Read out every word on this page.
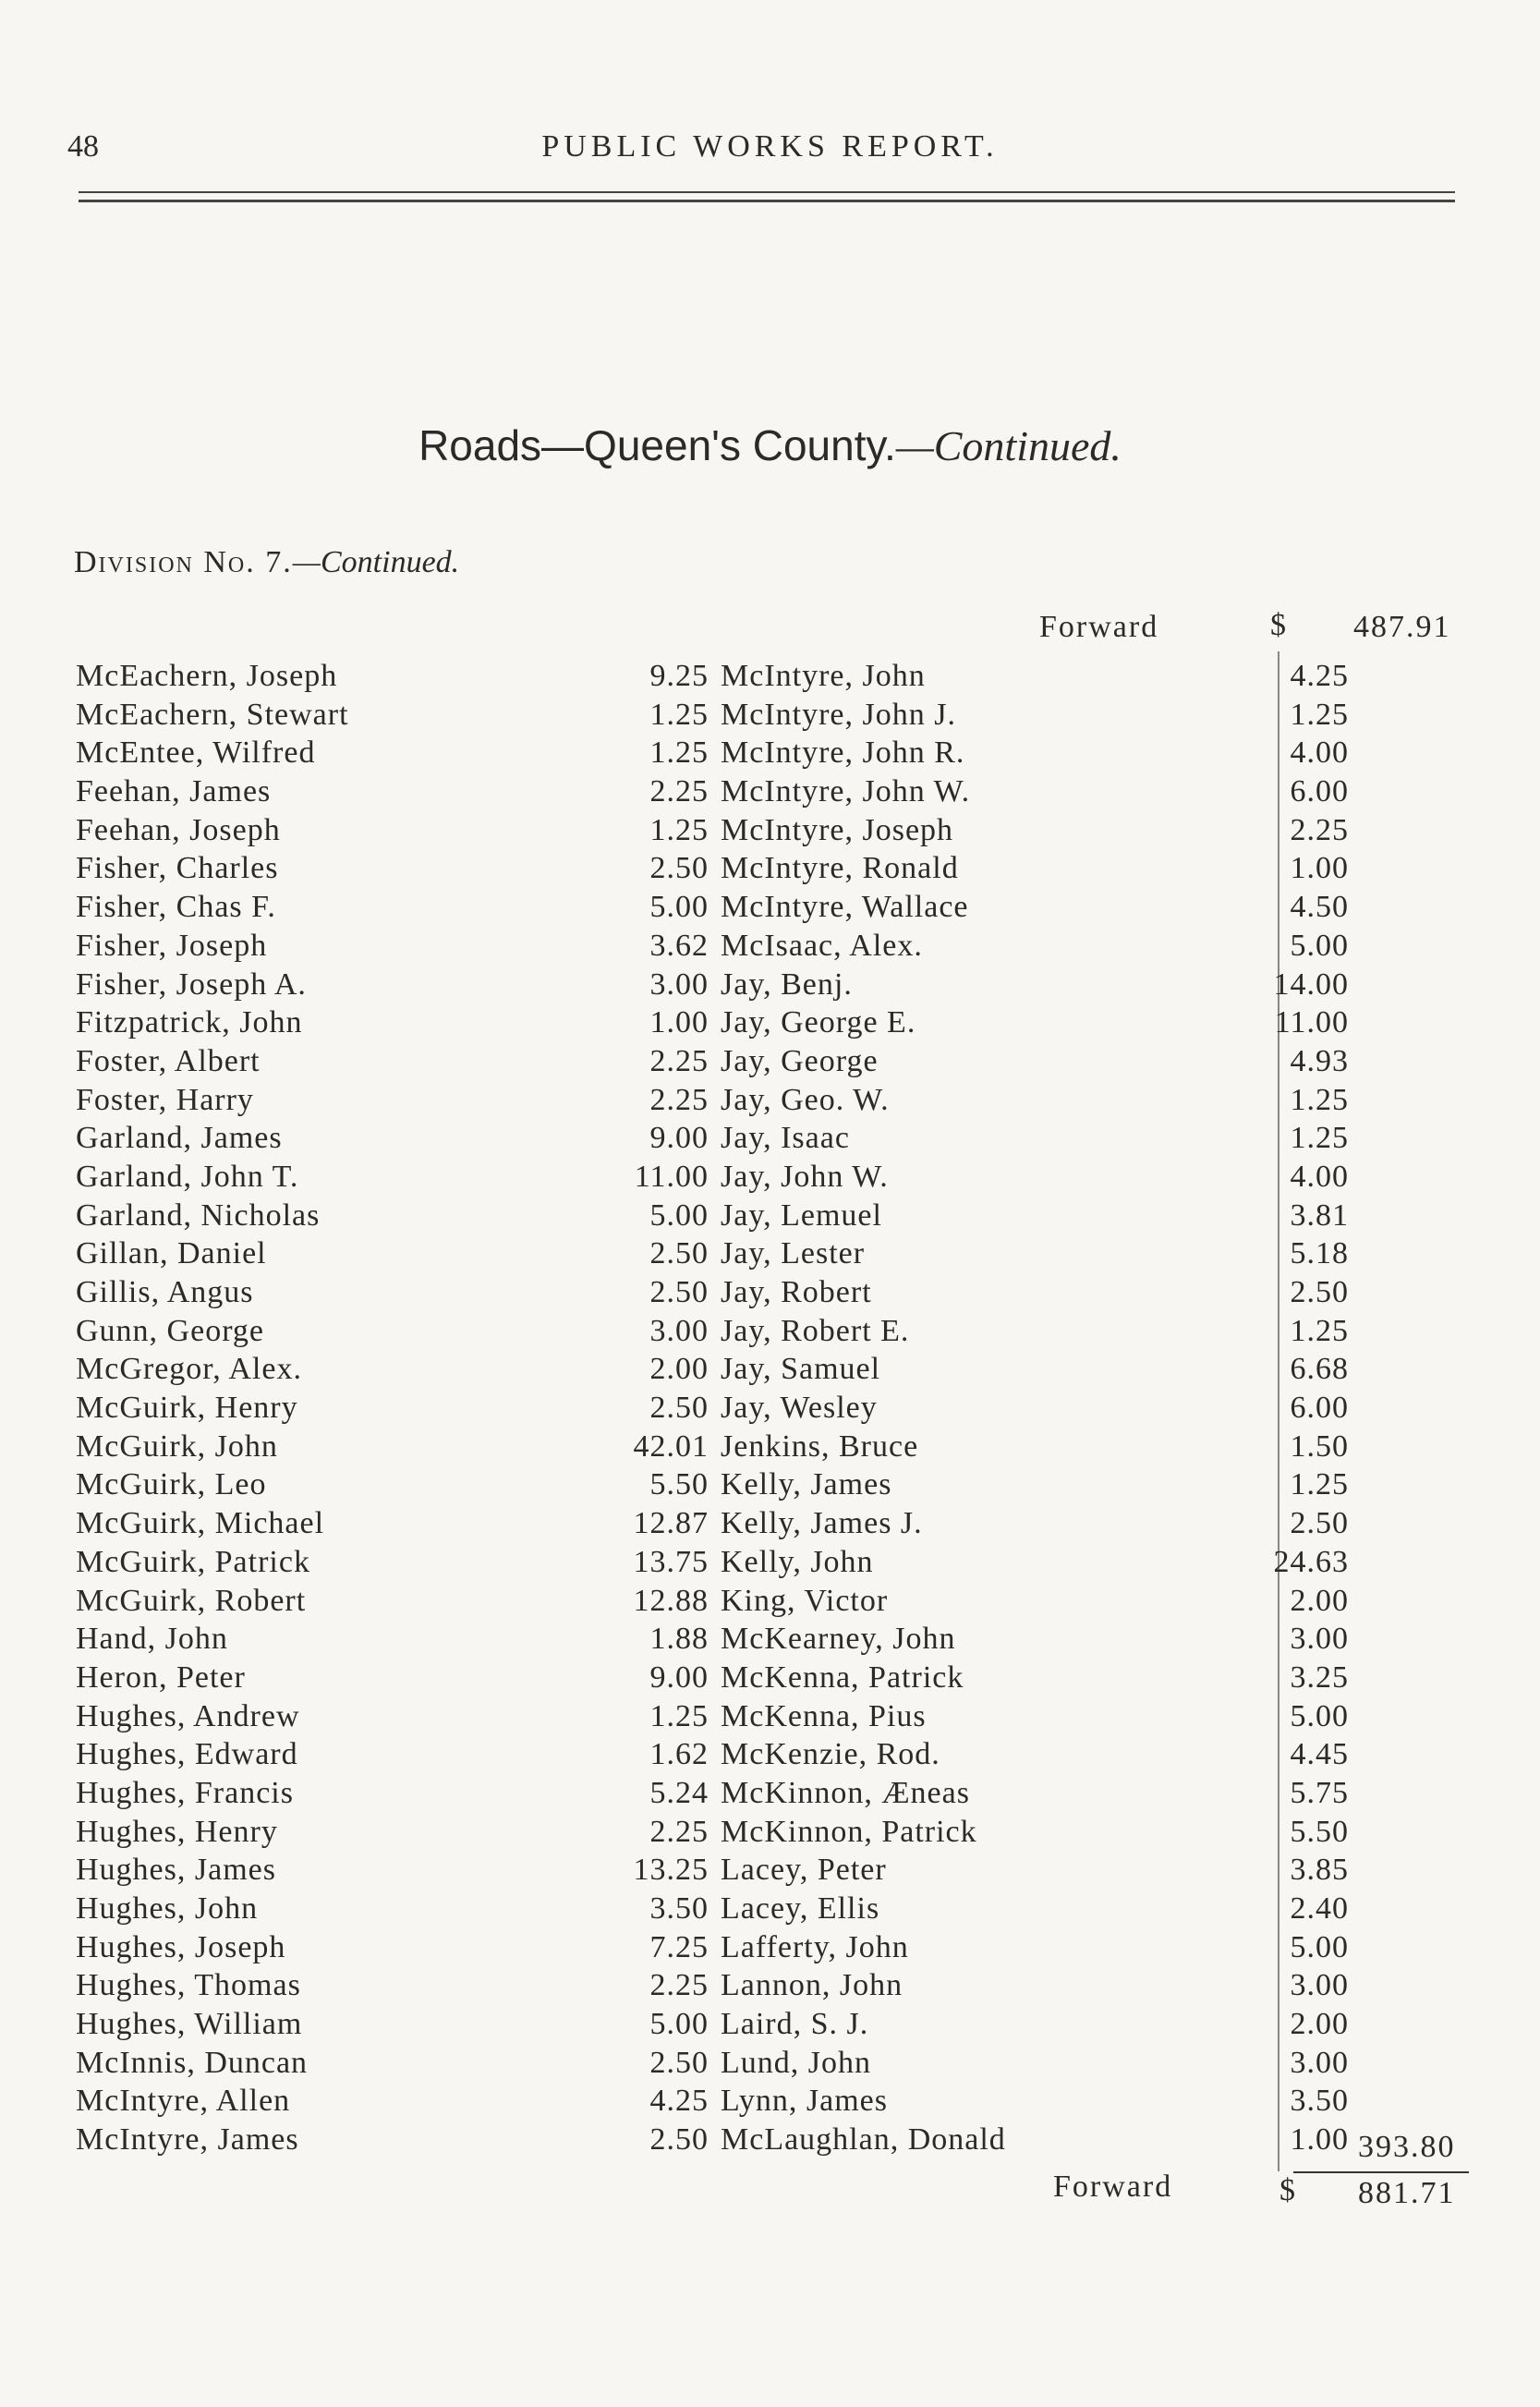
48	PUBLIC WORKS REPORT.
Roads—Queen's County.—Continued.
Division No. 7.—Continued.
Forward	$ 487.91
McEachern, Joseph	9.25
McEachern, Stewart	1.25
McEntee, Wilfred	1.25
Feehan, James	2.25
Feehan, Joseph	1.25
Fisher, Charles	2.50
Fisher, Chas F.	5.00
Fisher, Joseph	3.62
Fisher, Joseph A.	3.00
Fitzpatrick, John	1.00
Foster, Albert	2.25
Foster, Harry	2.25
Garland, James	9.00
Garland, John T.	11.00
Garland, Nicholas	5.00
Gillan, Daniel	2.50
Gillis, Angus	2.50
Gunn, George	3.00
McGregor, Alex.	2.00
McGuirk, Henry	2.50
McGuirk, John	42.01
McGuirk, Leo	5.50
McGuirk, Michael	12.87
McGuirk, Patrick	13.75
McGuirk, Robert	12.88
Hand, John	1.88
Heron, Peter	9.00
Hughes, Andrew	1.25
Hughes, Edward	1.62
Hughes, Francis	5.24
Hughes, Henry	2.25
Hughes, James	13.25
Hughes, John	3.50
Hughes, Joseph	7.25
Hughes, Thomas	2.25
Hughes, William	5.00
McInnis, Duncan	2.50
McIntyre, Allen	4.25
McIntyre, James	2.50
McIntyre, John	4.25
McIntyre, John J.	1.25
McIntyre, John R.	4.00
McIntyre, John W.	6.00
McIntyre, Joseph	2.25
McIntyre, Ronald	1.00
McIntyre, Wallace	4.50
McIsaac, Alex.	5.00
Jay, Benj.	14.00
Jay, George E.	11.00
Jay, George	4.93
Jay, Geo. W.	1.25
Jay, Isaac	1.25
Jay, John W.	4.00
Jay, Lemuel	3.81
Jay, Lester	5.18
Jay, Robert	2.50
Jay, Robert E.	1.25
Jay, Samuel	6.68
Jay, Wesley	6.00
Jenkins, Bruce	1.50
Kelly, James	1.25
Kelly, James J.	2.50
Kelly, John	24.63
King, Victor	2.00
McKearney, John	3.00
McKenna, Patrick	3.25
McKenna, Pius	5.00
McKenzie, Rod.	4.45
McKinnon, Æneas	5.75
McKinnon, Patrick	5.50
Lacey, Peter	3.85
Lacey, Ellis	2.40
Lafferty, John	5.00
Lannon, John	3.00
Laird, S. J.	2.00
Lund, John	3.00
Lynn, James	3.50
McLaughlan, Donald	1.00 393.80
Forward	$ 881.71
